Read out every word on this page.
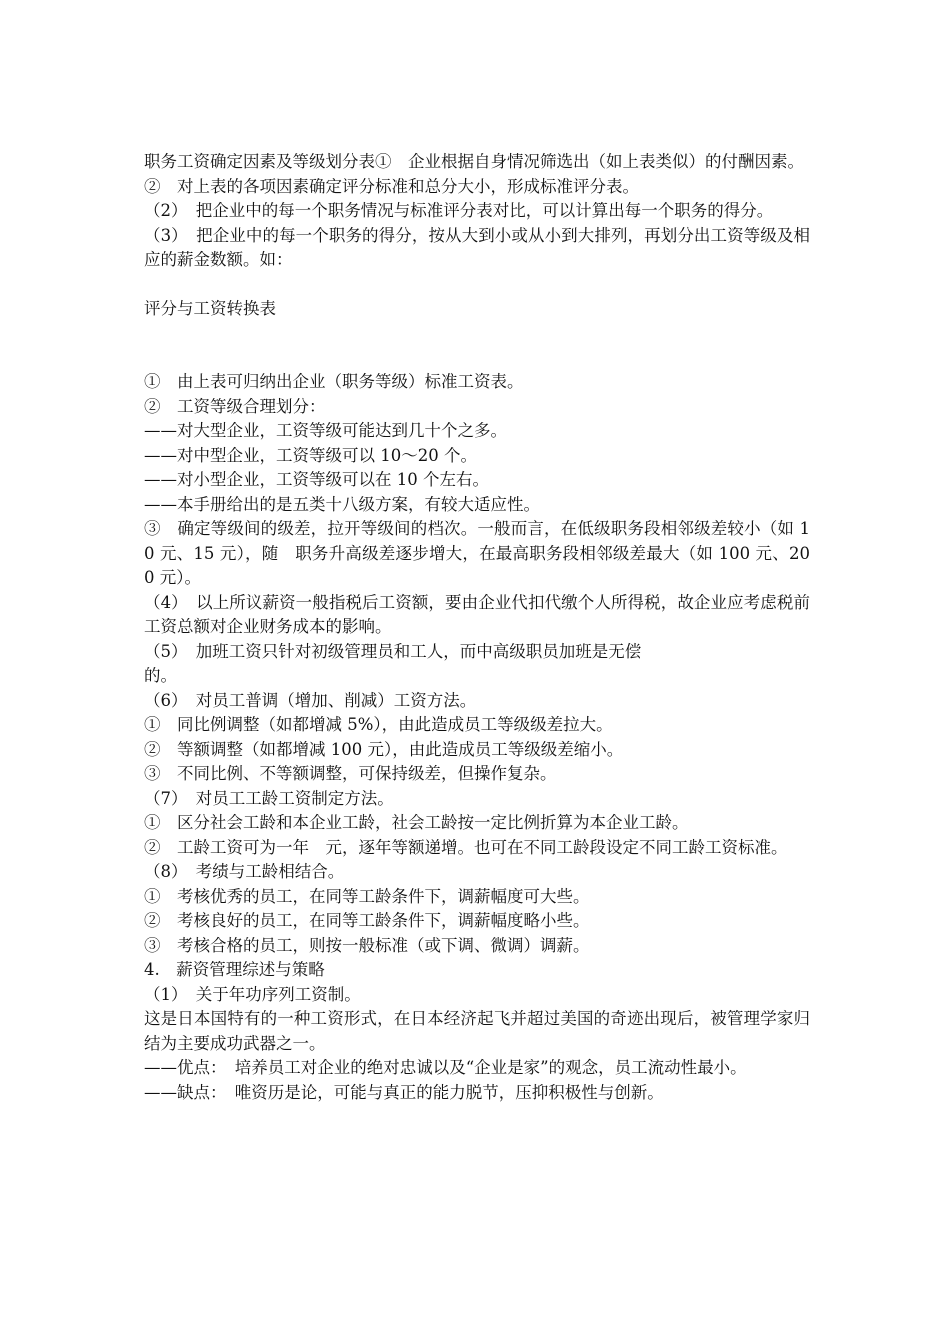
职务工资确定因素及等级划分表①　企业根据自身情况筛选出（如上表类似）的付酬因素。

②　对上表的各项因素确定评分标准和总分大小，形成标准评分表。

（2）　把企业中的每一个职务情况与标准评分表对比，可以计算出每一个职务的得分。

（3）　把企业中的每一个职务的得分，按从大到小或从小到大排列，再划分出工资等级及相应的薪金数额。如：

评分与工资转换表

①　由上表可归纳出企业（职务等级）标准工资表。

②　工资等级合理划分：

——对大型企业，工资等级可能达到几十个之多。

——对中型企业，工资等级可以 10～20 个。

——对小型企业，工资等级可以在 10 个左右。

——本手册给出的是五类十八级方案，有较大适应性。

③　确定等级间的级差，拉开等级间的档次。一般而言，在低级职务段相邻级差较小（如 10 元、15 元），随　职务升高级差逐步增大，在最高职务段相邻级差最大（如 100 元、200 元）。

（4）　以上所议薪资一般指税后工资额，要由企业代扣代缴个人所得税，故企业应考虑税前工资总额对企业财务成本的影响。

（5）　加班工资只针对初级管理员和工人，而中高级职员加班是无偿

的。

（6）　对员工普调（增加、削减）工资方法。

①　同比例调整（如都增减 5%），由此造成员工等级级差拉大。

②　等额调整（如都增减 100 元），由此造成员工等级级差缩小。

③　不同比例、不等额调整，可保持级差，但操作复杂。

（7）　对员工工龄工资制定方法。

①　区分社会工龄和本企业工龄，社会工龄按一定比例折算为本企业工龄。

②　工龄工资可为一年　元，逐年等额递增。也可在不同工龄段设定不同工龄工资标准。

（8）　考绩与工龄相结合。

①　考核优秀的员工，在同等工龄条件下，调薪幅度可大些。

②　考核良好的员工，在同等工龄条件下，调薪幅度略小些。

③　考核合格的员工，则按一般标准（或下调、微调）调薪。

4.　薪资管理综述与策略

（1）　关于年功序列工资制。

这是日本国特有的一种工资形式，在日本经济起飞并超过美国的奇迹出现后，被管理学家归结为主要成功武器之一。

——优点：　培养员工对企业的绝对忠诚以及“企业是家”的观念，员工流动性最小。

——缺点：　唯资历是论，可能与真正的能力脱节，压抑积极性与创新。
